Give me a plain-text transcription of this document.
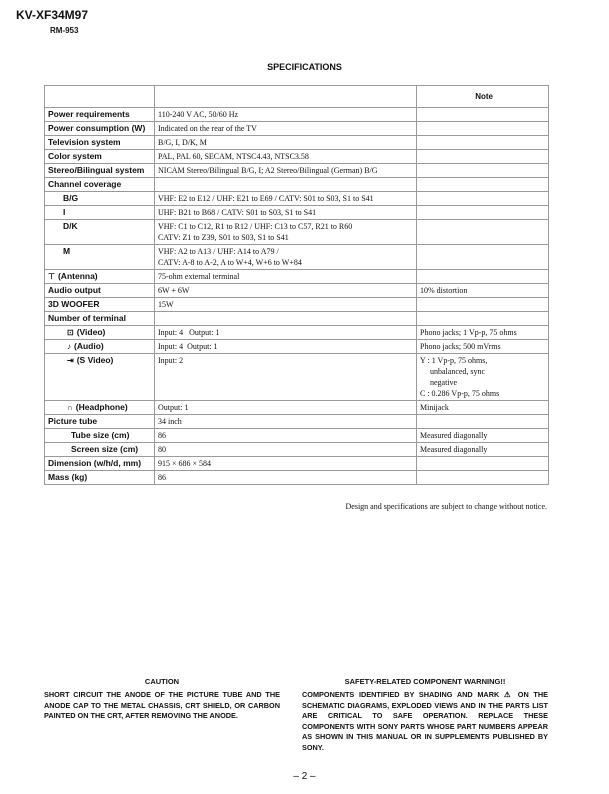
KV-XF34M97
RM-953
SPECIFICATIONS
		Note
Power requirements	110-240 V AC, 50/60 Hz	
Power consumption (W)	Indicated on the rear of the TV	
Television system	B/G, I, D/K, M	
Color system	PAL, PAL 60, SECAM, NTSC4.43, NTSC3.58	
Stereo/Bilingual system	NICAM Stereo/Bilingual B/G, I; A2 Stereo/Bilingual (German) B/G	
Channel coverage		
B/G	VHF: E2 to E12 / UHF: E21 to E69 / CATV: S01 to S03, S1 to S41	
I	UHF: B21 to B68 / CATV: S01 to S03, S1 to S41	
D/K	VHF: C1 to C12, R1 to R12 / UHF: C13 to C57, R21 to R60
CATV: Z1 to Z39, S01 to S03, S1 to S41	

M	VHF: A2 to A13 / UHF: A14 to A79 /
CATV: A-8 to A-2, A to W+4, W+6 to W+84	

⊤ (Antenna)	75-ohm external terminal	
Audio output	6W + 6W	10% distortion
3D WOOFER	15W	
Number of terminal		
⊡ (Video)	Input: 4   Output: 1	Phono jacks; 1 Vp-p, 75 ohms
♪ (Audio)	Input: 4  Output: 1	Phono jacks; 500 mVrms
⇥ (S Video)	Input: 2	Y : 1 Vp-p, 75 ohms,
unbalanced, sync
negative
C : 0.286 Vp-p, 75 ohms

∩ (Headphone)	Output: 1	Minijack
Picture tube	34 inch	
Tube size (cm)	86	Measured diagonally
Screen size (cm)	80	Measured diagonally
Dimension (w/h/d, mm)	915 × 686 × 584	
Mass (kg)	86	
Design and specifications are subject to change without notice.
CAUTION
SHORT CIRCUIT THE ANODE OF THE PICTURE TUBE AND THE ANODE CAP TO THE METAL CHASSIS, CRT SHIELD, OR CARBON PAINTED ON THE CRT, AFTER REMOVING THE ANODE.
SAFETY-RELATED COMPONENT WARNING!!
COMPONENTS IDENTIFIED BY SHADING AND MARK ⚠ ON THE SCHEMATIC DIAGRAMS, EXPLODED VIEWS AND IN THE PARTS LIST ARE CRITICAL TO SAFE OPERATION. REPLACE THESE COMPONENTS WITH SONY PARTS WHOSE PART NUMBERS APPEAR AS SHOWN IN THIS MANUAL OR IN SUPPLEMENTS PUBLISHED BY SONY.
– 2 –
